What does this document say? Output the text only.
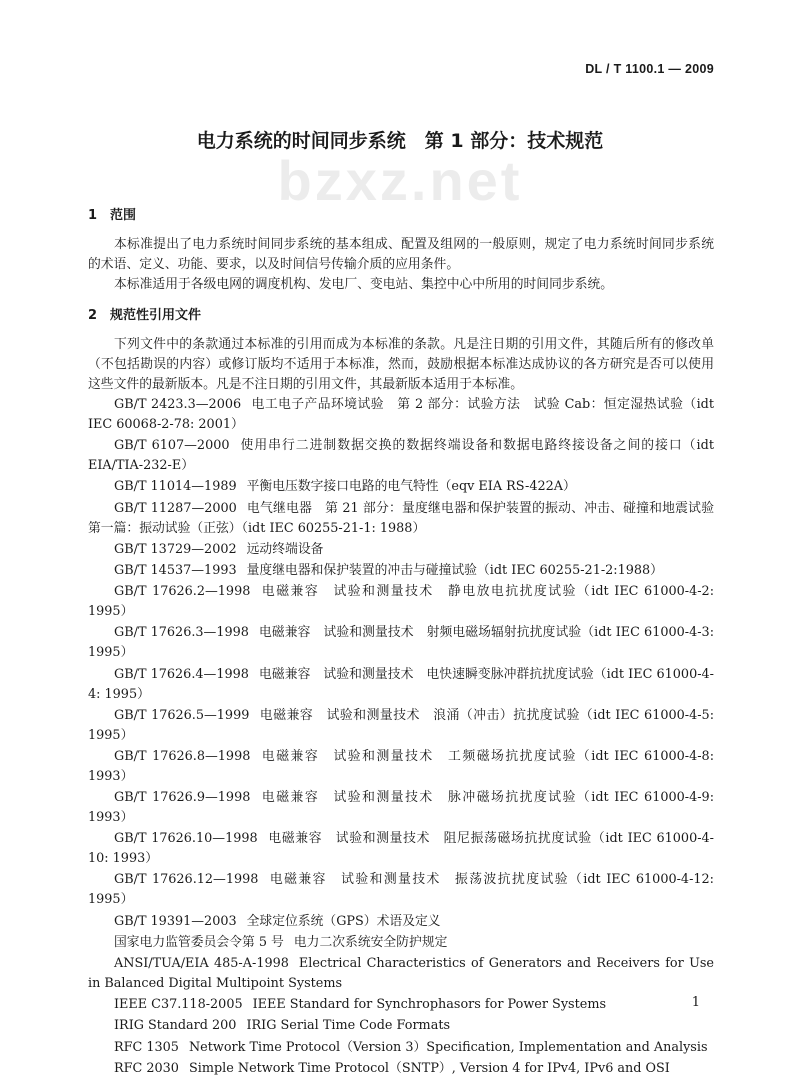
DL / T 1100.1 — 2009
bzxz.net
电力系统的时间同步系统　第 1 部分：技术规范
1　范围

本标准提出了电力系统时间同步系统的基本组成、配置及组网的一般原则，规定了电力系统时间同步系统的术语、定义、功能、要求，以及时间信号传输介质的应用条件。

本标准适用于各级电网的调度机构、发电厂、变电站、集控中心中所用的时间同步系统。

2　规范性引用文件

下列文件中的条款通过本标准的引用而成为本标准的条款。凡是注日期的引用文件，其随后所有的修改单（不包括勘误的内容）或修订版均不适用于本标准，然而，鼓励根据本标准达成协议的各方研究是否可以使用这些文件的最新版本。凡是不注日期的引用文件，其最新版本适用于本标准。

GB/T 2423.3—2006 电工电子产品环境试验　第 2 部分：试验方法　试验 Cab：恒定湿热试验（idt IEC 60068-2-78: 2001）
GB/T 6107—2000 使用串行二进制数据交换的数据终端设备和数据电路终接设备之间的接口（idt EIA/TIA-232-E）
GB/T 11014—1989 平衡电压数字接口电路的电气特性（eqv EIA RS-422A）
GB/T 11287—2000 电气继电器　第 21 部分：量度继电器和保护装置的振动、冲击、碰撞和地震试验　第一篇：振动试验（正弦）（idt IEC 60255-21-1: 1988）
GB/T 13729—2002 远动终端设备
GB/T 14537—1993 量度继电器和保护装置的冲击与碰撞试验（idt IEC 60255-21-2:1988）
GB/T 17626.2—1998 电磁兼容　试验和测量技术　静电放电抗扰度试验（idt IEC 61000-4-2: 1995）
GB/T 17626.3—1998 电磁兼容　试验和测量技术　射频电磁场辐射抗扰度试验（idt IEC 61000-4-3: 1995）
GB/T 17626.4—1998 电磁兼容　试验和测量技术　电快速瞬变脉冲群抗扰度试验（idt IEC 61000-4-4: 1995）
GB/T 17626.5—1999 电磁兼容　试验和测量技术　浪涌（冲击）抗扰度试验（idt IEC 61000-4-5: 1995）
GB/T 17626.8—1998 电磁兼容　试验和测量技术　工频磁场抗扰度试验（idt IEC 61000-4-8: 1993）
GB/T 17626.9—1998 电磁兼容　试验和测量技术　脉冲磁场抗扰度试验（idt IEC 61000-4-9: 1993）
GB/T 17626.10—1998 电磁兼容　试验和测量技术　阻尼振荡磁场抗扰度试验（idt IEC 61000-4-10: 1993）
GB/T 17626.12—1998 电磁兼容　试验和测量技术　振荡波抗扰度试验（idt IEC 61000-4-12: 1995）
GB/T 19391—2003 全球定位系统（GPS）术语及定义
国家电力监管委员会令第 5 号 电力二次系统安全防护规定
ANSI/TUA/EIA 485-A-1998 Electrical Characteristics of Generators and Receivers for Use in Balanced Digital Multipoint Systems
IEEE C37.118-2005 IEEE Standard for Synchrophasors for Power Systems
IRIG Standard 200 IRIG Serial Time Code Formats
RFC 1305 Network Time Protocol（Version 3）Specification, Implementation and Analysis
RFC 2030 Simple Network Time Protocol（SNTP）, Version 4 for IPv4, IPv6 and OSI
1
